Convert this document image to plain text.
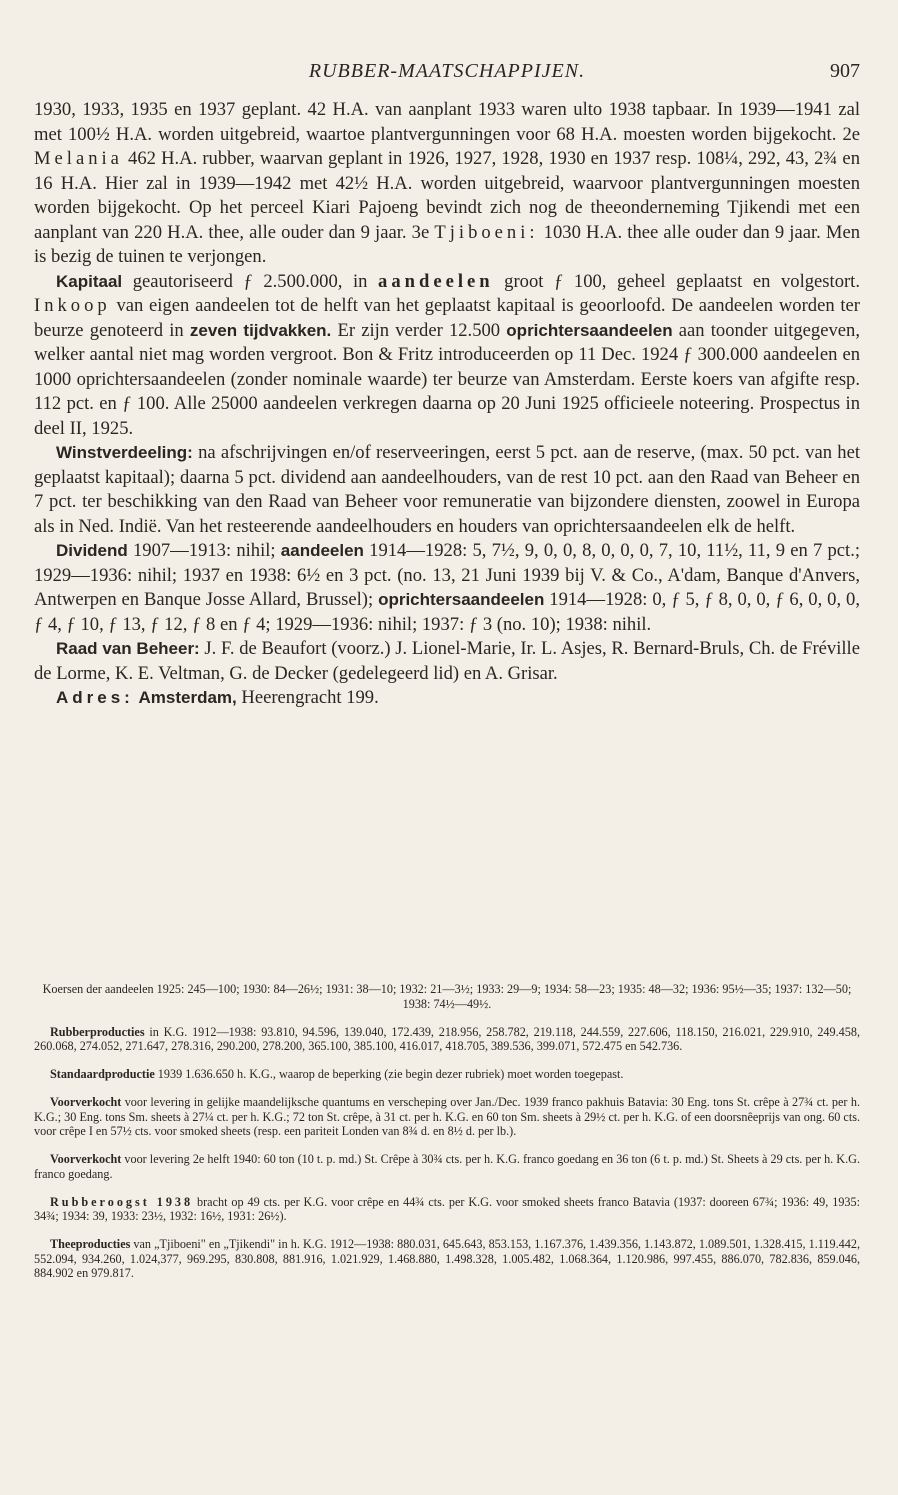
RUBBER-MAATSCHAPPIJEN.	907

1930, 1933, 1935 en 1937 geplant. 42 H.A. van aanplant 1933 waren ulto 1938 tapbaar. In 1939—1941 zal met 100½ H.A. worden uitgebreid, waartoe plantvergunningen voor 68 H.A. moesten worden bijgekocht. 2e Melania 462 H.A. rubber, waarvan geplant in 1926, 1927, 1928, 1930 en 1937 resp. 108¼, 292, 43, 2¾ en 16 H.A. Hier zal in 1939—1942 met 42½ H.A. worden uitgebreid, waarvoor plantvergunningen moesten worden bijgekocht. Op het perceel Kiari Pajoeng bevindt zich nog de theeonderneming Tjikendi met een aanplant van 220 H.A. thee, alle ouder dan 9 jaar. 3e Tjiboeni: 1030 H.A. thee alle ouder dan 9 jaar. Men is bezig de tuinen te verjongen.

Kapitaal geautoriseerd ƒ 2.500.000, in aandeelen groot ƒ 100, geheel geplaatst en volgestort. Inkoop van eigen aandeelen tot de helft van het geplaatst kapitaal is geoorloofd. De aandeelen worden ter beurze genoteerd in zeven tijdvakken. Er zijn verder 12.500 oprichtersaandeelen aan toonder uitgegeven, welker aantal niet mag worden vergroot. Bon & Fritz introduceerden op 11 Dec. 1924 ƒ 300.000 aandeelen en 1000 oprichtersaandeelen (zonder nominale waarde) ter beurze van Amsterdam. Eerste koers van afgifte resp. 112 pct. en ƒ 100. Alle 25000 aandeelen verkregen daarna op 20 Juni 1925 officieele noteering. Prospectus in deel II, 1925.

Winstverdeeling: na afschrijvingen en/of reserveeringen, eerst 5 pct. aan de reserve, (max. 50 pct. van het geplaatst kapitaal); daarna 5 pct. dividend aan aandeelhouders, van de rest 10 pct. aan den Raad van Beheer en 7 pct. ter beschikking van den Raad van Beheer voor remuneratie van bijzondere diensten, zoowel in Europa als in Ned. Indië. Van het resteerende aandeelhouders en houders van oprichtersaandeelen elk de helft.

Dividend 1907—1913: nihil; aandeelen 1914—1928: 5, 7½, 9, 0, 0, 8, 0, 0, 0, 7, 10, 11½, 11, 9 en 7 pct.; 1929—1936: nihil; 1937 en 1938: 6½ en 3 pct. (no. 13, 21 Juni 1939 bij V. & Co., A'dam, Banque d'Anvers, Antwerpen en Banque Josse Allard, Brussel); oprichtersaandeelen 1914—1928: 0, ƒ 5, ƒ 8, 0, 0, ƒ 6, 0, 0, 0, ƒ 4, ƒ 10, ƒ 13, ƒ 12, ƒ 8 en ƒ 4; 1929—1936: nihil; 1937: ƒ 3 (no. 10); 1938: nihil.

Raad van Beheer: J. F. de Beaufort (voorz.) J. Lionel-Marie, Ir. L. Asjes, R. Bernard-Bruls, Ch. de Fréville de Lorme, K. E. Veltman, G. de Decker (gedelegeerd lid) en A. Grisar.

Adres: Amsterdam, Heerengracht 199.

Koersen der aandeelen 1925: 245—100; 1930: 84—26½; 1931: 38—10; 1932: 21—3½; 1933: 29—9; 1934: 58—23; 1935: 48—32; 1936: 95½—35; 1937: 132—50; 1938: 74½—49½.

Rubberproducties in K.G. 1912—1938: 93.810, 94.596, 139.040, 172.439, 218.956, 258.782, 219.118, 244.559, 227.606, 118.150, 216.021, 229.910, 249.458, 260.068, 274.052, 271.647, 278.316, 290.200, 278.200, 365.100, 385.100, 416.017, 418.705, 389.536, 399.071, 572.475 en 542.736.

Standaardproductie 1939 1.636.650 h. K.G., waarop de beperking (zie begin dezer rubriek) moet worden toegepast.

Voorverkocht voor levering in gelijke maandelijksche quantums en verscheping over Jan./Dec. 1939 franco pakhuis Batavia: 30 Eng. tons St. crêpe à 27¾ ct. per h. K.G.; 30 Eng. tons Sm. sheets à 27¼ ct. per h. K.G.; 72 ton St. crêpe, à 31 ct. per h. K.G. en 60 ton Sm. sheets à 29½ ct. per h. K.G. of een doorsnêeprijs van ong. 60 cts. voor crêpe I en 57½ cts. voor smoked sheets (resp. een pariteit Londen van 8¾ d. en 8½ d. per lb.).

Voorverkocht voor levering 2e helft 1940: 60 ton (10 t. p. md.) St. Crêpe à 30¾ cts. per h. K.G. franco goedang en 36 ton (6 t. p. md.) St. Sheets à 29 cts. per h. K.G. franco goedang.

Rubberoogst 1938 bracht op 49 cts. per K.G. voor crêpe en 44¾ cts. per K.G. voor smoked sheets franco Batavia (1937: dooreen 67¾; 1936: 49, 1935: 34¾; 1934: 39, 1933: 23½, 1932: 16½, 1931: 26½).

Theeproducties van „Tjiboeni" en „Tjikendi" in h. K.G. 1912—1938: 880.031, 645.643, 853.153, 1.167.376, 1.439.356, 1.143.872, 1.089.501, 1.328.415, 1.119.442, 552.094, 934.260, 1.024,377, 969.295, 830.808, 881.916, 1.021.929, 1.468.880, 1.498.328, 1.005.482, 1.068.364, 1.120.986, 997.455, 886.070, 782.836, 859.046, 884.902 en 979.817.
